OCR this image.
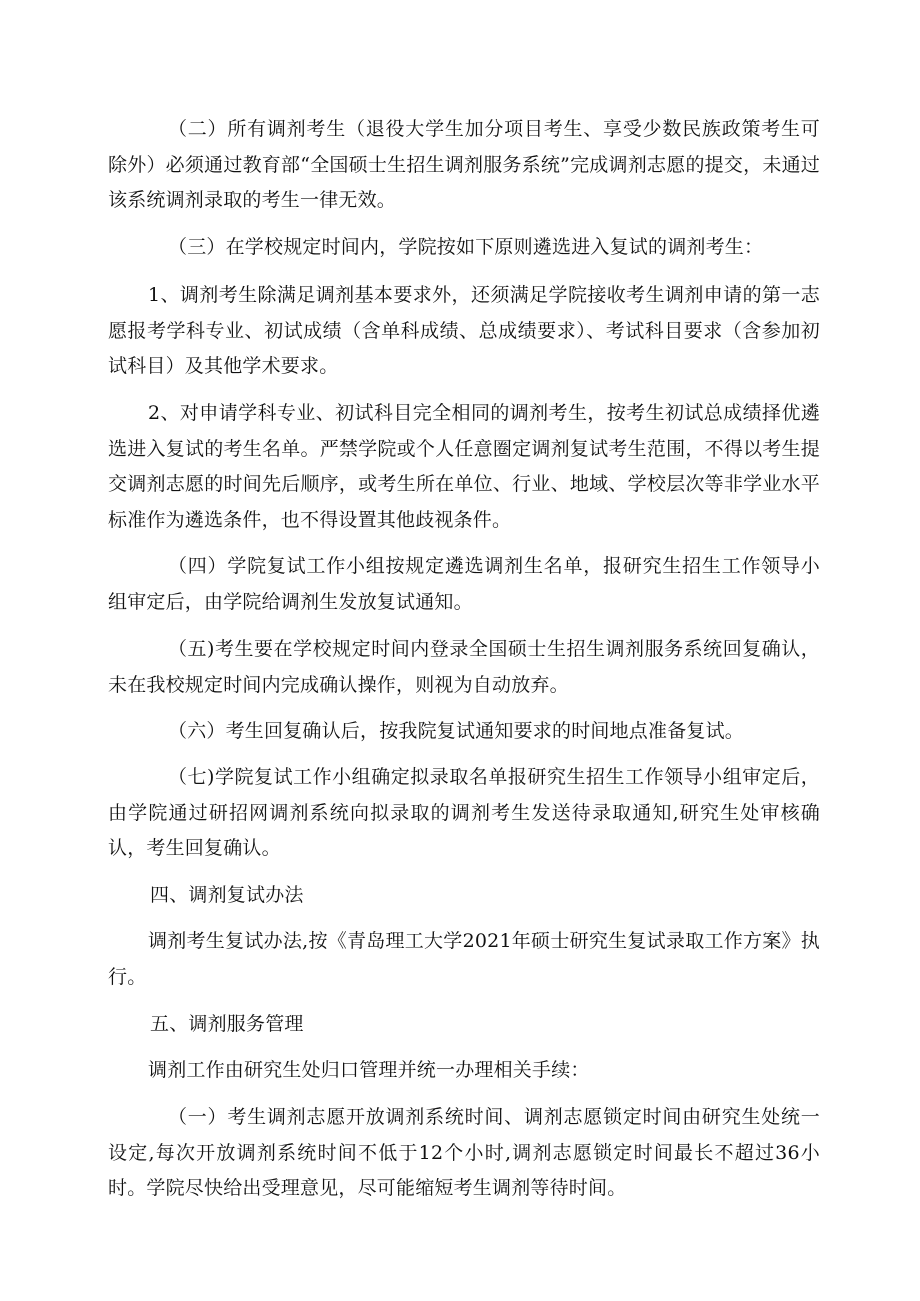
（二）所有调剂考生（退役大学生加分项目考生、享受少数民族政策考生可除外）必须通过教育部“全国硕士生招生调剂服务系统”完成调剂志愿的提交，未通过该系统调剂录取的考生一律无效。

（三）在学校规定时间内，学院按如下原则遴选进入复试的调剂考生：

1、调剂考生除满足调剂基本要求外，还须满足学院接收考生调剂申请的第一志愿报考学科专业、初试成绩（含单科成绩、总成绩要求）、考试科目要求（含参加初试科目）及其他学术要求。

2、对申请学科专业、初试科目完全相同的调剂考生，按考生初试总成绩择优遴选进入复试的考生名单。严禁学院或个人任意圈定调剂复试考生范围，不得以考生提交调剂志愿的时间先后顺序，或考生所在单位、行业、地域、学校层次等非学业水平标准作为遴选条件，也不得设置其他歧视条件。

（四）学院复试工作小组按规定遴选调剂生名单，报研究生招生工作领导小组审定后，由学院给调剂生发放复试通知。

（五)考生要在学校规定时间内登录全国硕士生招生调剂服务系统回复确认，未在我校规定时间内完成确认操作，则视为自动放弃。

（六）考生回复确认后，按我院复试通知要求的时间地点准备复试。

（七)学院复试工作小组确定拟录取名单报研究生招生工作领导小组审定后，由学院通过研招网调剂系统向拟录取的调剂考生发送待录取通知,研究生处审核确认，考生回复确认。

四、调剂复试办法

调剂考生复试办法,按《青岛理工大学2021年硕士研究生复试录取工作方案》执行。

五、调剂服务管理

调剂工作由研究生处归口管理并统一办理相关手续：

（一）考生调剂志愿开放调剂系统时间、调剂志愿锁定时间由研究生处统一设定,每次开放调剂系统时间不低于12个小时,调剂志愿锁定时间最长不超过36小时。学院尽快给出受理意见，尽可能缩短考生调剂等待时间。
